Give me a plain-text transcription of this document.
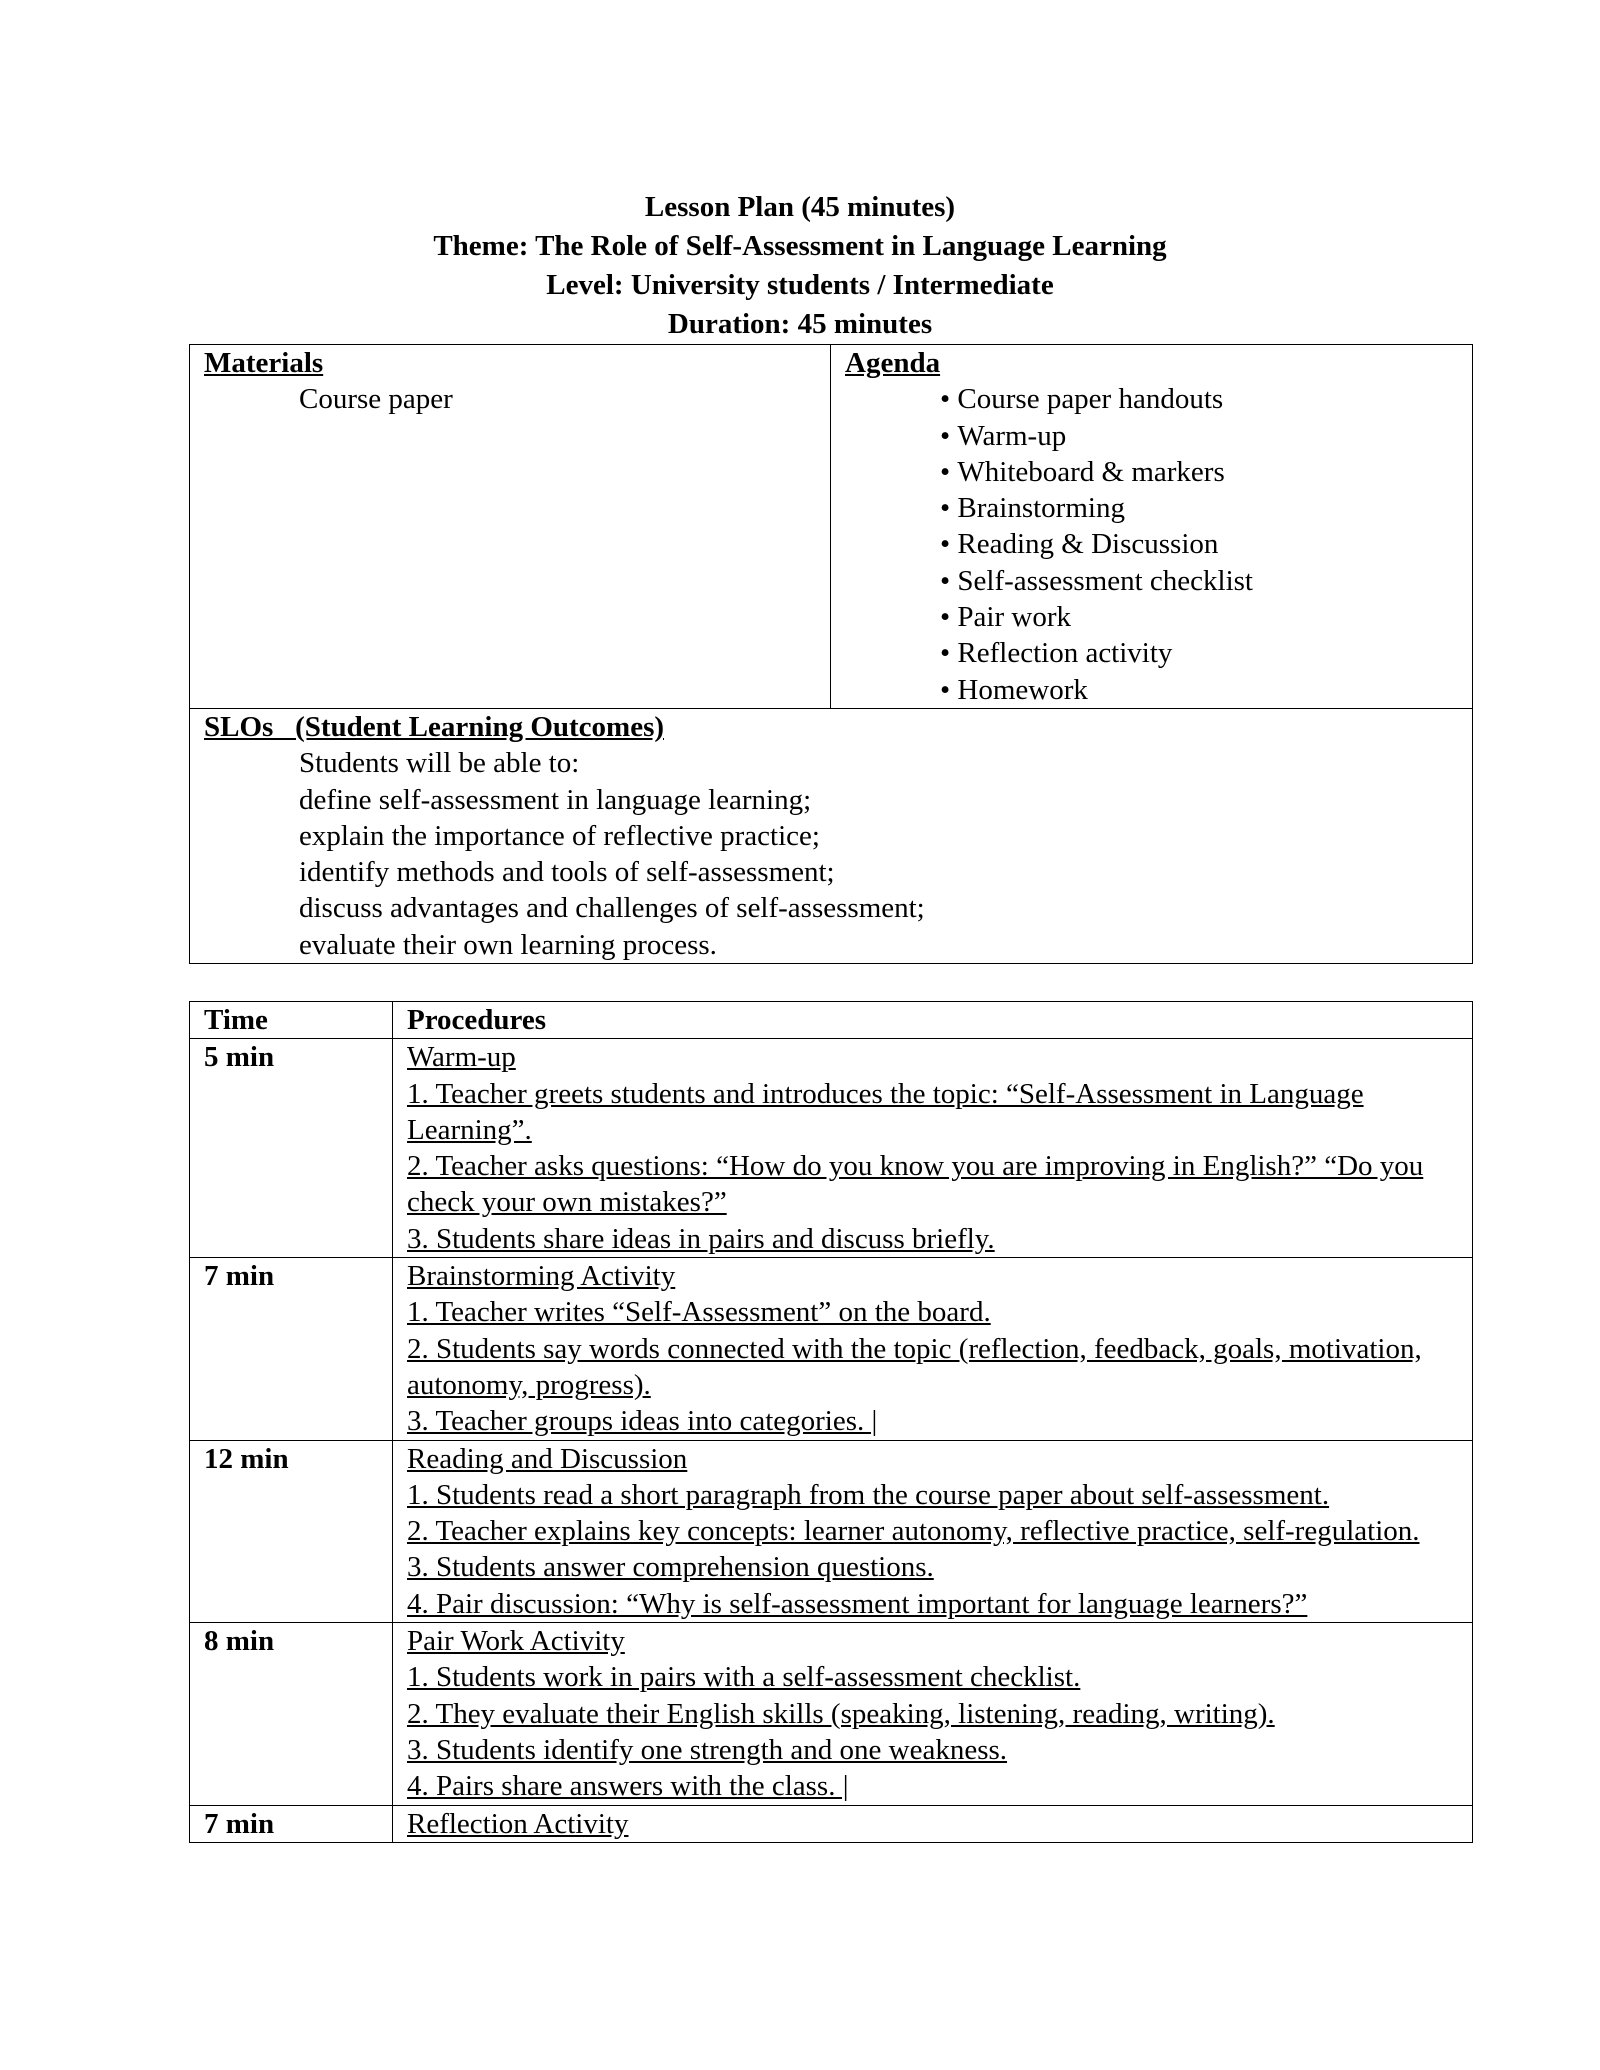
Lesson Plan (45 minutes)
Theme: The Role of Self-Assessment in Language Learning
Level: University students / Intermediate
Duration: 45 minutes
Materials
Course paper

Agenda
• Course paper handouts
• Warm-up
• Whiteboard & markers
• Brainstorming
• Reading & Discussion
• Self-assessment checklist
• Pair work
• Reflection activity
• Homework

SLOs   (Student Learning Outcomes)
Students will be able to:
define self-assessment in language learning;
explain the importance of reflective practice;
identify methods and tools of self-assessment;
discuss advantages and challenges of self-assessment;
evaluate their own learning process.
Time	Procedures
5 min	Warm-up
1. Teacher greets students and introduces the topic: “Self-Assessment in Language Learning”.
2. Teacher asks questions: “How do you know you are improving in English?” “Do you check your own mistakes?”
3. Students share ideas in pairs and discuss briefly.

7 min	Brainstorming Activity
1. Teacher writes “Self-Assessment” on the board.
2. Students say words connected with the topic (reflection, feedback, goals, motivation, autonomy, progress).
3. Teacher groups ideas into categories. |

12 min	Reading and Discussion
1. Students read a short paragraph from the course paper about self-assessment.
2. Teacher explains key concepts: learner autonomy, reflective practice, self-regulation.
3. Students answer comprehension questions.
4. Pair discussion: “Why is self-assessment important for language learners?”

8 min	Pair Work Activity
1. Students work in pairs with a self-assessment checklist.
2. They evaluate their English skills (speaking, listening, reading, writing).
3. Students identify one strength and one weakness.
4. Pairs share answers with the class. |

7 min	Reflection Activity
